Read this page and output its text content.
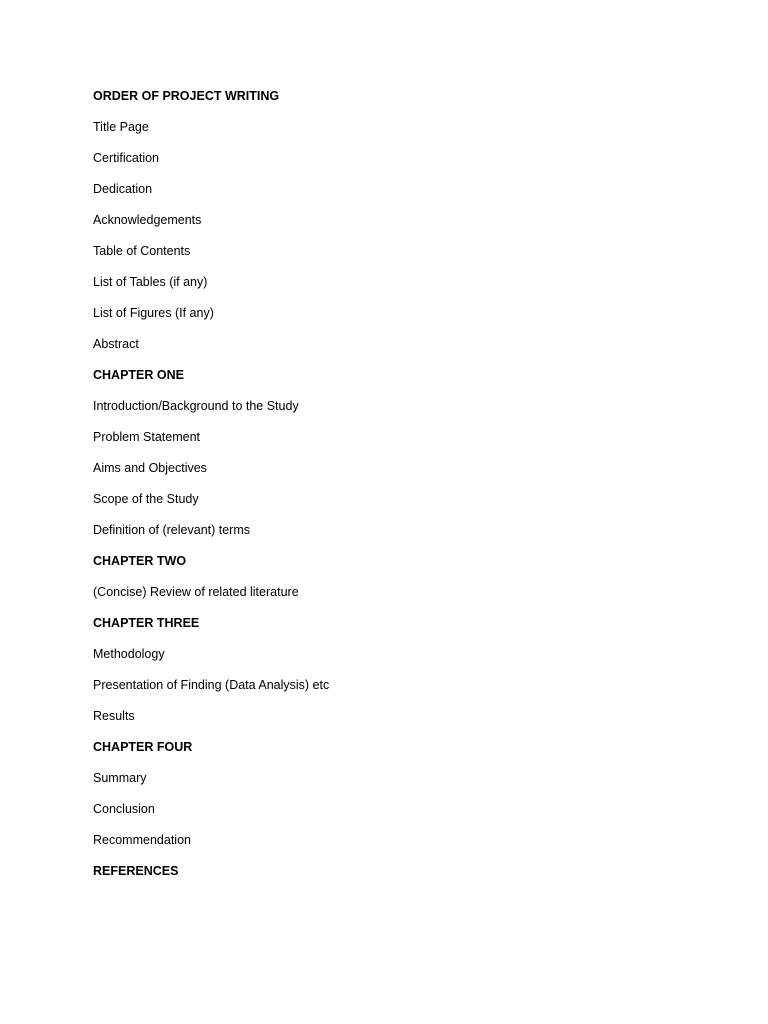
ORDER OF PROJECT WRITING
Title Page
Certification
Dedication
Acknowledgements
Table of Contents
List of Tables (if any)
List of Figures (If any)
Abstract
CHAPTER ONE
Introduction/Background to the Study
Problem Statement
Aims and Objectives
Scope of the Study
Definition of (relevant) terms
CHAPTER TWO
(Concise) Review of related literature
CHAPTER THREE
Methodology
Presentation of Finding (Data Analysis) etc
Results
CHAPTER FOUR
Summary
Conclusion
Recommendation
REFERENCES
